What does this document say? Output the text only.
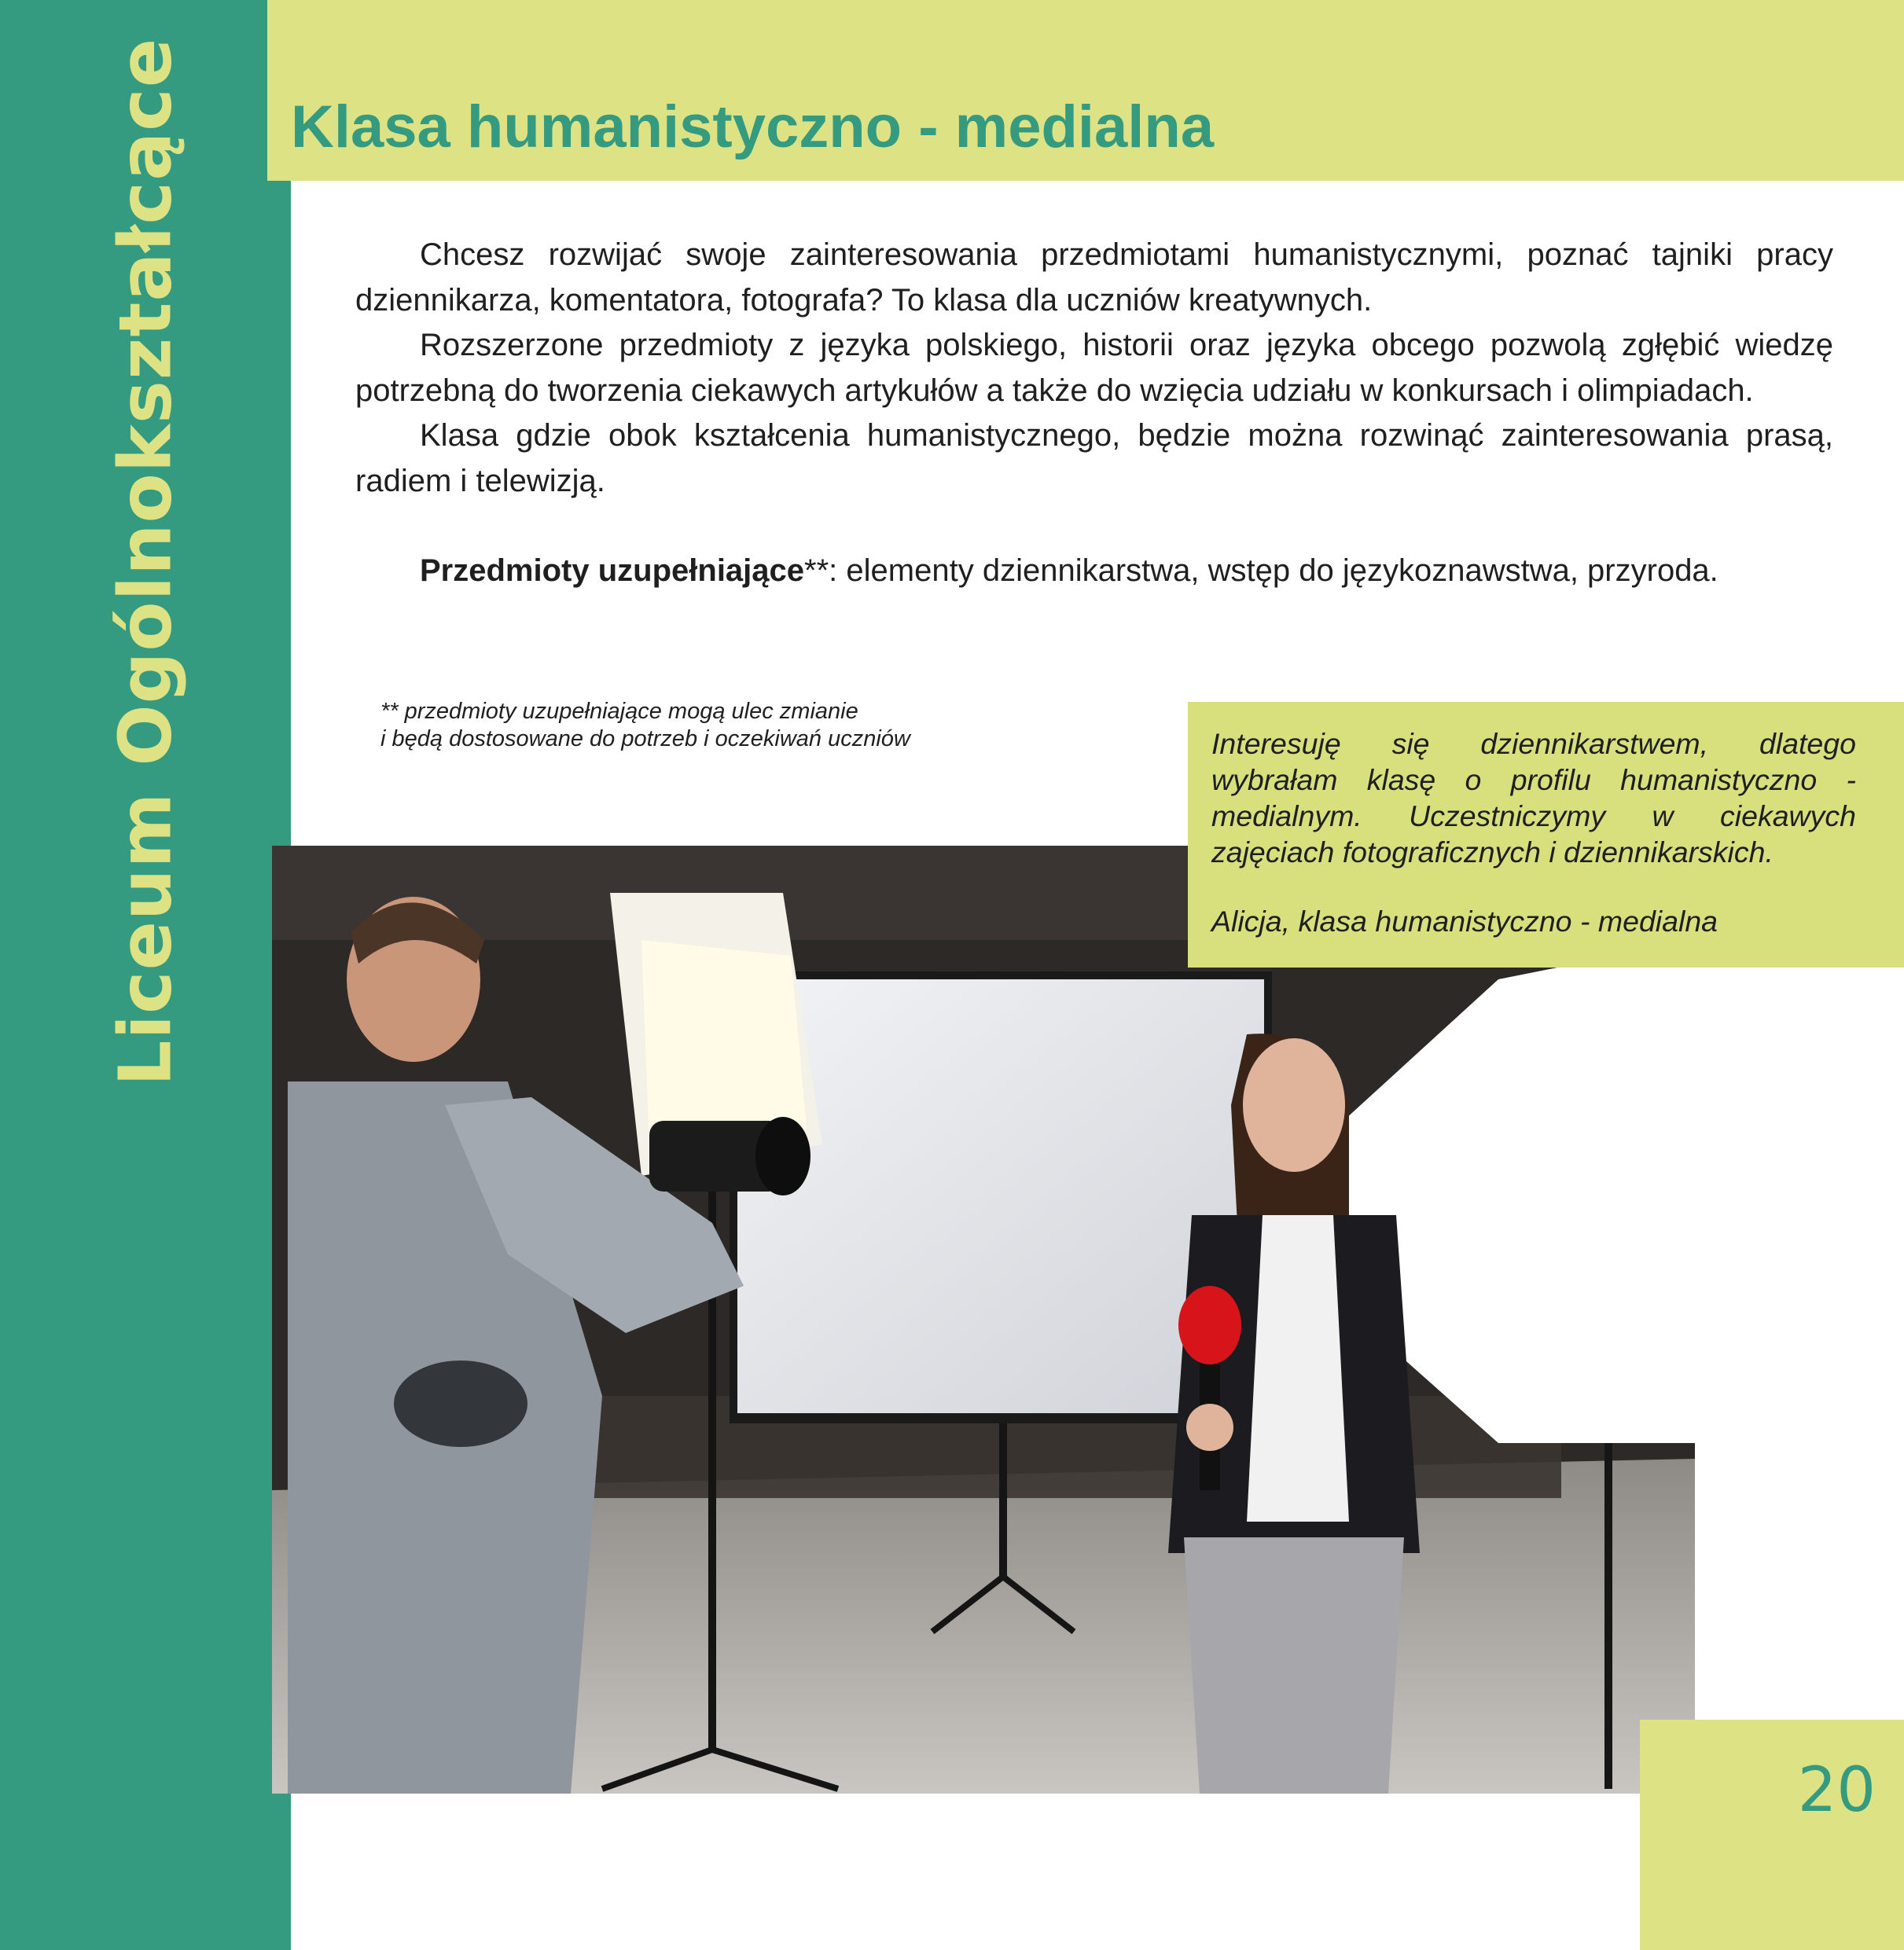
Liceum Ogólnokształcące Klasa humanistyczno - medialna

Chcesz rozwijać swoje zainteresowania przedmiotami humanistycznymi, poznać tajniki pracy dziennikarza, komentatora, fotografa? To klasa dla uczniów kreatywnych.

Rozszerzone przedmioty z języka polskiego, historii oraz języka obcego pozwolą zgłębić wiedzę potrzebną do tworzenia ciekawych artykułów a także do wzięcia udziału w konkursach i olimpiadach.

Klasa gdzie obok kształcenia humanistycznego, będzie można rozwinąć zainteresowania prasą, radiem i telewizją.

Przedmioty uzupełniające**: elementy dziennikarstwa, wstęp do językoznawstwa, przyroda.

** przedmioty uzupełniające mogą ulec zmianie
i będą dostosowane do potrzeb i oczekiwań uczniów	Interesuję się dziennikarstwem, dlatego wybrałam klasę o profilu humanistyczno - medialnym. Uczestniczymy w ciekawych zajęciach fotograficznych i dziennikarskich.
Alicja, klasa humanistyczno - medialna
20
